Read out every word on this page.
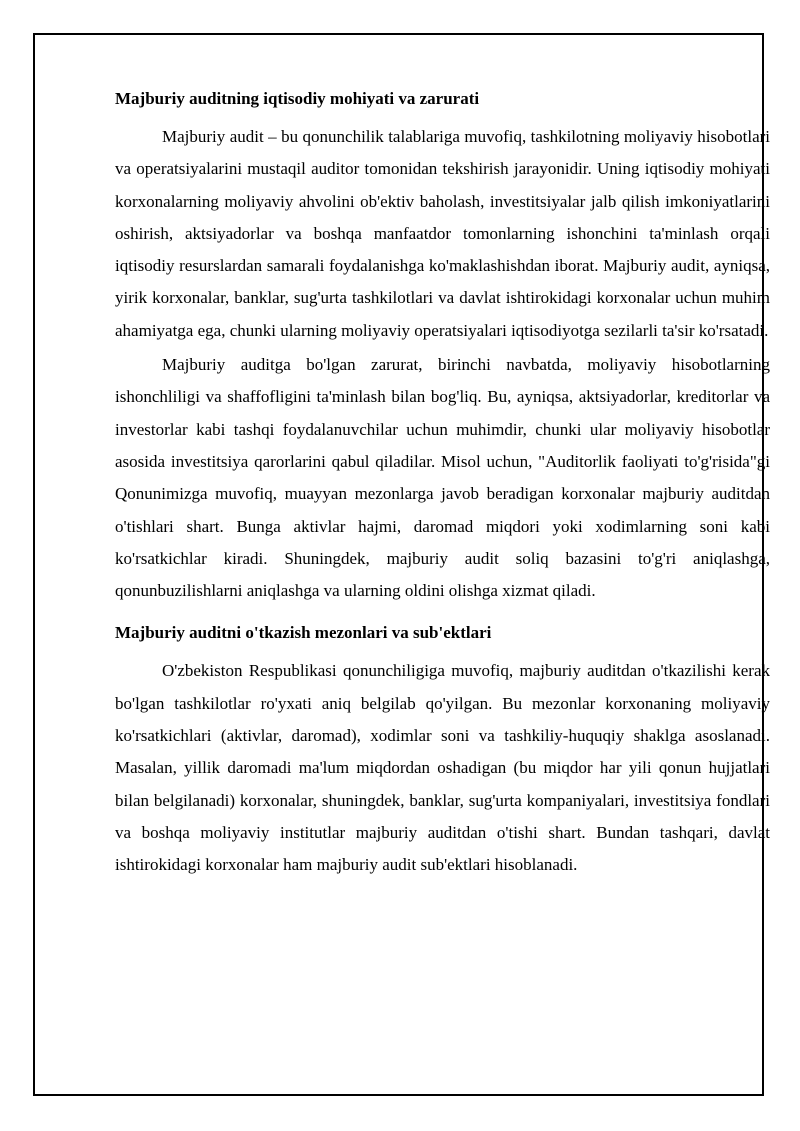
Majburiy auditning iqtisodiy mohiyati va zarurati

Majburiy audit – bu qonunchilik talablariga muvofiq, tashkilotning moliyaviy hisobotlari va operatsiyalarini mustaqil auditor tomonidan tekshirish jarayonidir. Uning iqtisodiy mohiyati korxonalarning moliyaviy ahvolini ob'ektiv baholash, investitsiyalar jalb qilish imkoniyatlarini oshirish, aktsiyadorlar va boshqa manfaatdor tomonlarning ishonchini ta'minlash orqali iqtisodiy resurslardan samarali foydalanishga ko'maklashishdan iborat. Majburiy audit, ayniqsa, yirik korxonalar, banklar, sug'urta tashkilotlari va davlat ishtirokidagi korxonalar uchun muhim ahamiyatga ega, chunki ularning moliyaviy operatsiyalari iqtisodiyotga sezilarli ta'sir ko'rsatadi.

Majburiy auditga bo'lgan zarurat, birinchi navbatda, moliyaviy hisobotlarning ishonchliligi va shaffofligini ta'minlash bilan bog'liq. Bu, ayniqsa, aktsiyadorlar, kreditorlar va investorlar kabi tashqi foydalanuvchilar uchun muhimdir, chunki ular moliyaviy hisobotlar asosida investitsiya qarorlarini qabul qiladilar. Misol uchun, "Auditorlik faoliyati to'g'risida"gi Qonunimizga muvofiq, muayyan mezonlarga javob beradigan korxonalar majburiy auditdan o'tishlari shart. Bunga aktivlar hajmi, daromad miqdori yoki xodimlarning soni kabi ko'rsatkichlar kiradi. Shuningdek, majburiy audit soliq bazasini to'g'ri aniqlashga, qonunbuzilishlarni aniqlashga va ularning oldini olishga xizmat qiladi.

Majburiy auditni o'tkazish mezonlari va sub'ektlari

O'zbekiston Respublikasi qonunchiligiga muvofiq, majburiy auditdan o'tkazilishi kerak bo'lgan tashkilotlar ro'yxati aniq belgilab qo'yilgan. Bu mezonlar korxonaning moliyaviy ko'rsatkichlari (aktivlar, daromad), xodimlar soni va tashkiliy-huquqiy shaklga asoslanadi. Masalan, yillik daromadi ma'lum miqdordan oshadigan (bu miqdor har yili qonun hujjatlari bilan belgilanadi) korxonalar, shuningdek, banklar, sug'urta kompaniyalari, investitsiya fondlari va boshqa moliyaviy institutlar majburiy auditdan o'tishi shart. Bundan tashqari, davlat ishtirokidagi korxonalar ham majburiy audit sub'ektlari hisoblanadi.
